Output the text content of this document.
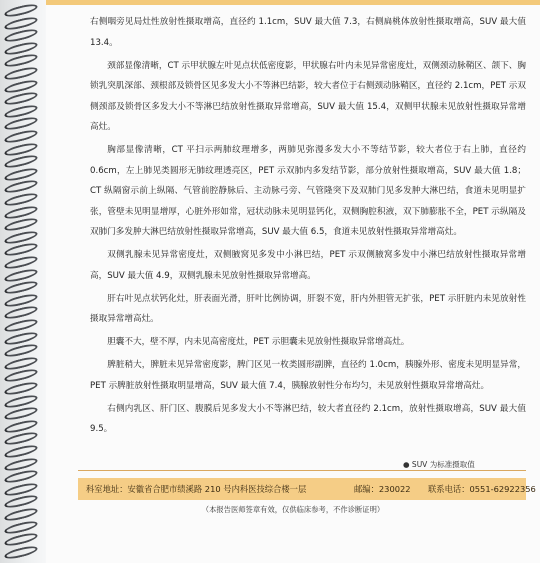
右侧咽旁见局灶性放射性摄取增高，直径约 1.1cm，SUV 最大值 7.3，右侧扁桃体放射性摄取增高，SUV 最大值 13.4。

颈部显像清晰，CT 示甲状腺左叶见点状低密度影，甲状腺右叶内未见异常密度灶，双侧颈动脉鞘区、颌下、胸锁乳突肌深部、颈根部及锁骨区见多发大小不等淋巴结影，较大者位于右侧颈动脉鞘区，直径约 2.1cm，PET 示双侧颈部及锁骨区多发大小不等淋巴结放射性摄取异常增高，SUV 最大值 15.4，双侧甲状腺未见放射性摄取异常增高灶。

胸部显像清晰，CT 平扫示两肺纹理增多，两肺见弥漫多发大小不等结节影，较大者位于右上肺，直径约 0.6cm，左上肺见类圆形无肺纹理透亮区，PET 示双肺内多发结节影，部分放射性摄取增高，SUV 最大值 1.8；CT 纵隔窗示前上纵隔、气管前腔静脉后、主动脉弓旁、气管隆突下及双肺门见多发肿大淋巴结，食道未见明显扩张，管壁未见明显增厚，心脏外形如常，冠状动脉未见明显钙化，双侧胸腔积液，双下肺膨胀不全，PET 示纵隔及双肺门多发肿大淋巴结放射性摄取异常增高，SUV 最大值 6.5，食道未见放射性摄取异常增高灶。

双侧乳腺未见异常密度灶，双侧腋窝见多发中小淋巴结，PET 示双侧腋窝多发中小淋巴结放射性摄取异常增高，SUV 最大值 4.9，双侧乳腺未见放射性摄取异常增高。

肝右叶见点状钙化灶，肝表面光滑，肝叶比例协调，肝裂不宽，肝内外胆管无扩张，PET 示肝脏内未见放射性摄取异常增高灶。

胆囊不大，壁不厚，内未见高密度灶，PET 示胆囊未见放射性摄取异常增高灶。

脾脏稍大，脾脏未见异常密度影，脾门区见一枚类圆形副脾，直径约 1.0cm，胰腺外形、密度未见明显异常，PET 示脾脏放射性摄取明显增高，SUV 最大值 7.4，胰腺放射性分布均匀，未见放射性摄取异常增高灶。

右侧内乳区、肝门区、腹膜后见多发大小不等淋巴结，较大者直径约 2.1cm，放射性摄取增高，SUV 最大值 9.5。

● SUV 为标准摄取值
科室地址：安徽省合肥市绩溪路 210 号内科医技综合楼一层	邮编：230022 联系电话：0551-62922356
（本报告医师签章有效，仅供临床参考，不作诊断证明）
